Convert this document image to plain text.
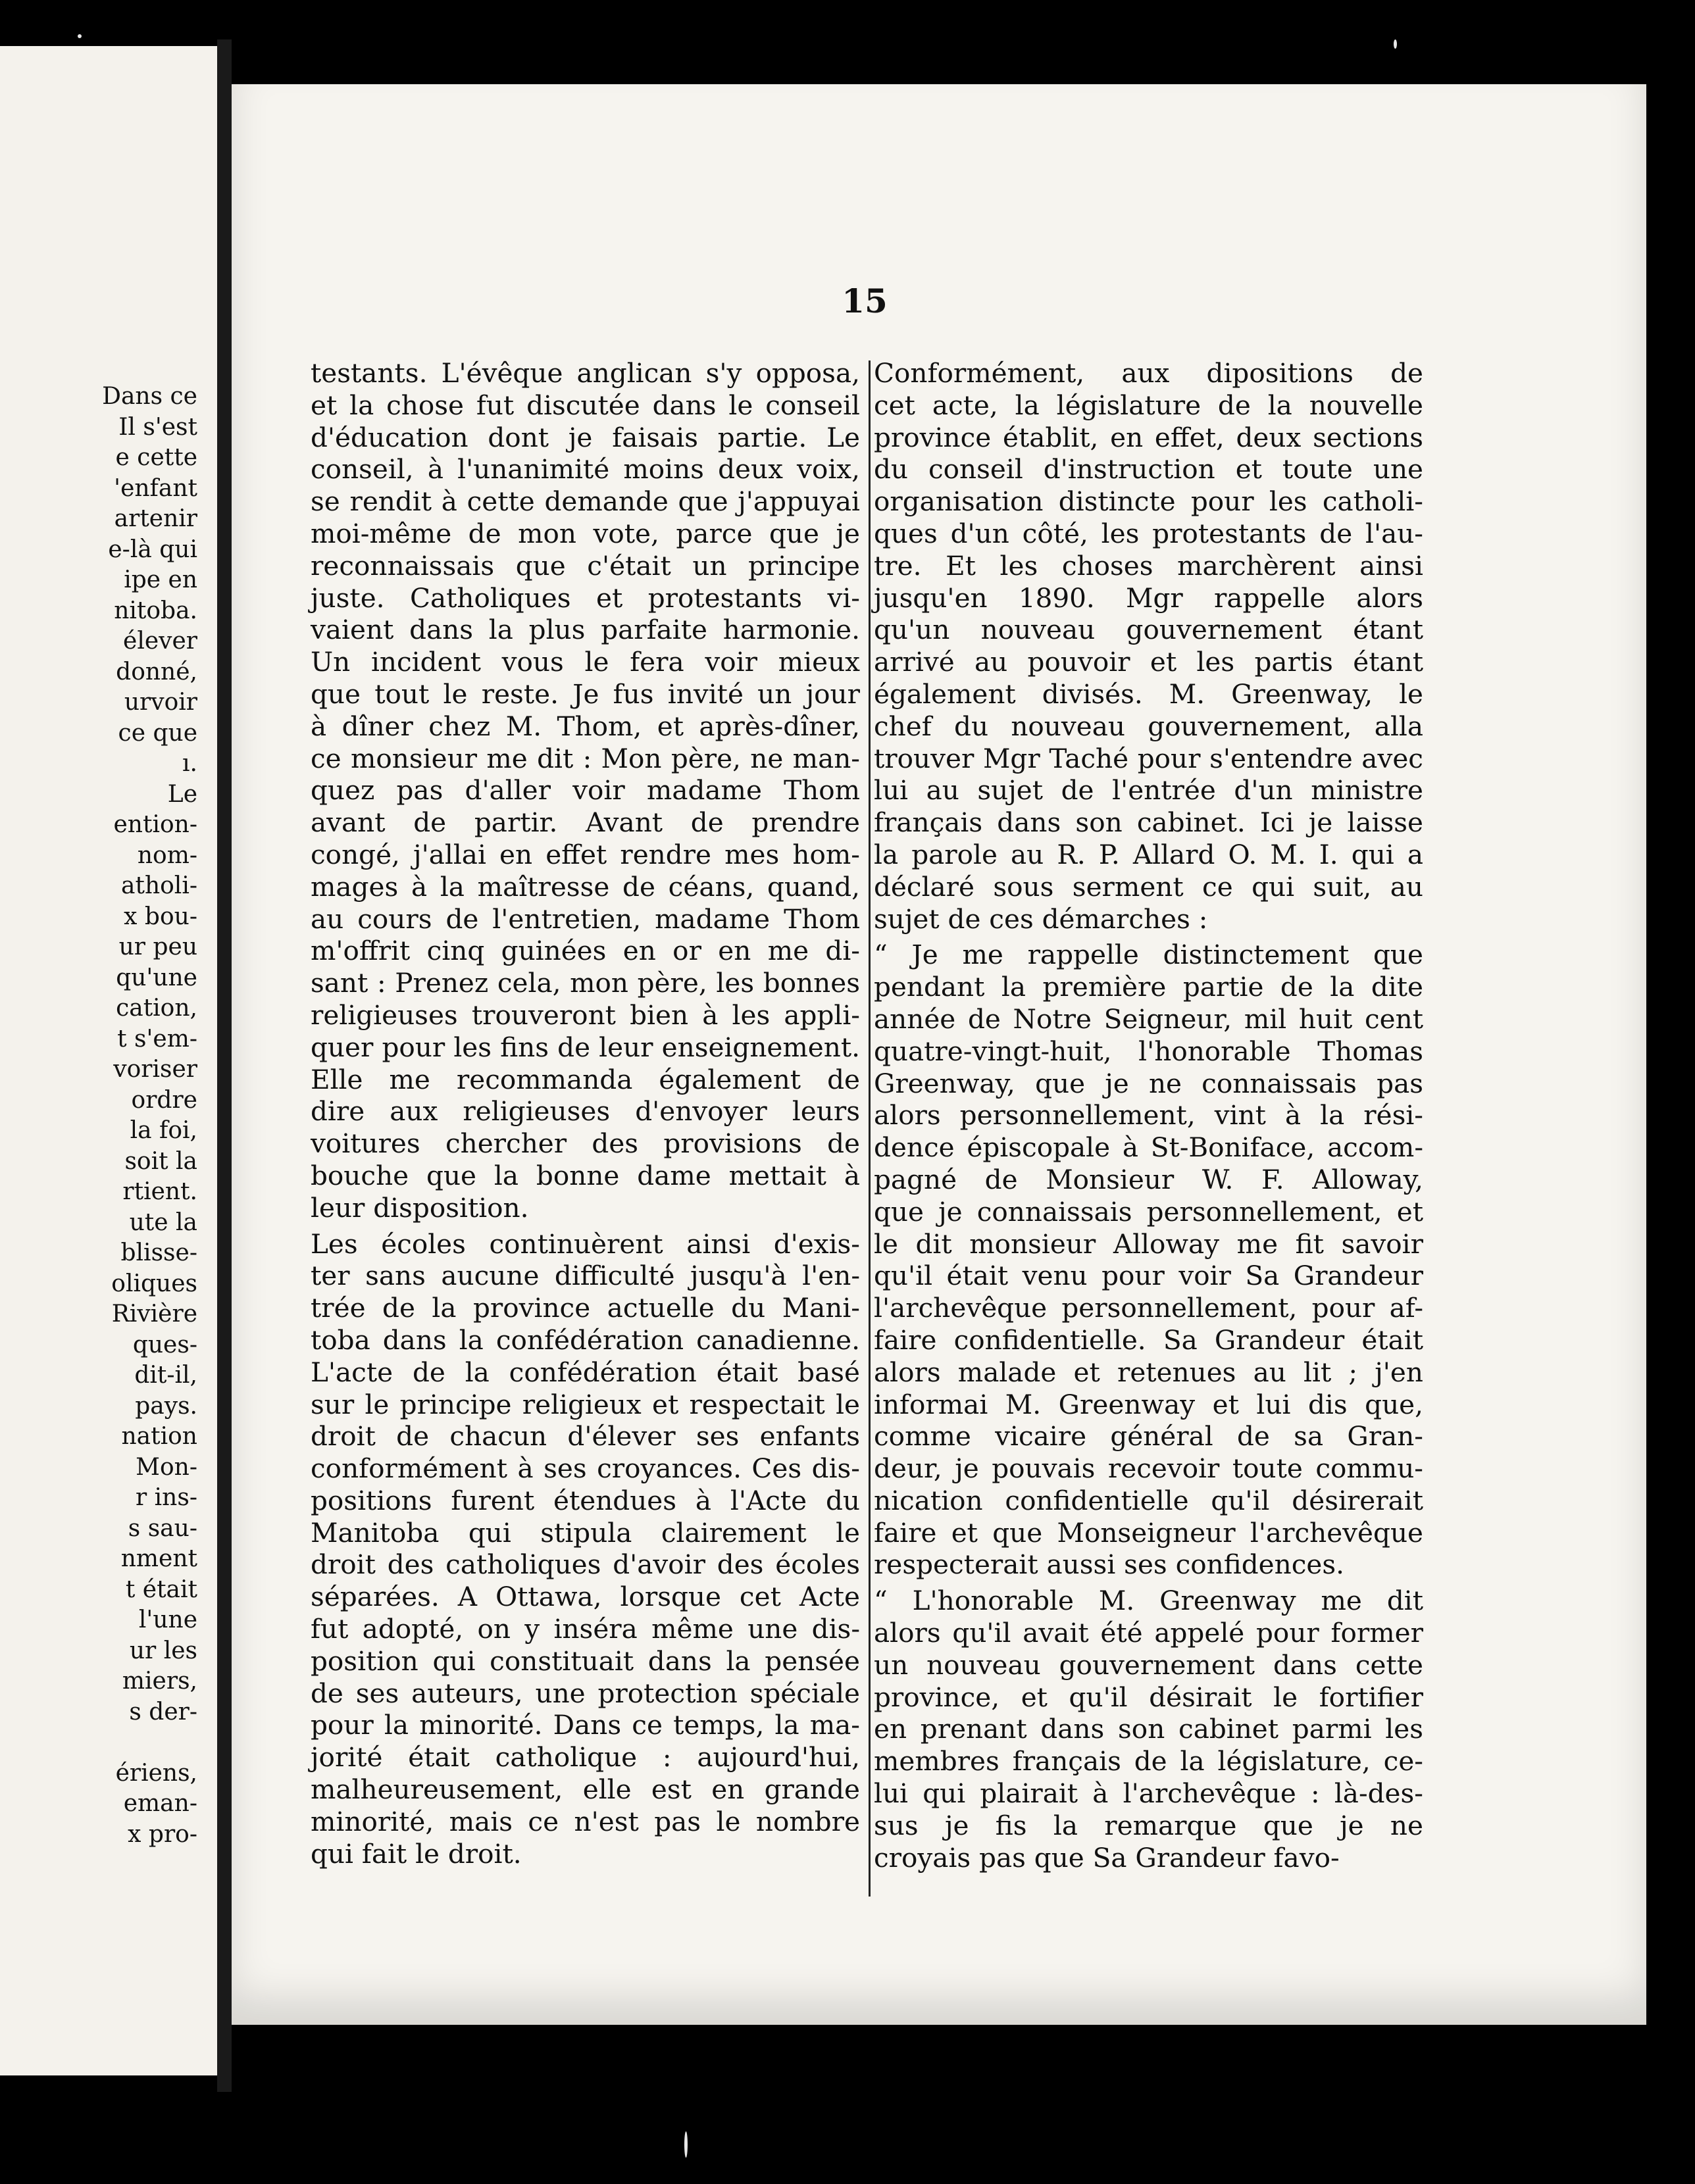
Dans ce
Il s'est
e cette
'enfant
artenir
e-là qui
ipe en
nitoba.
élever
donné,
urvoir
ce que
ı.
Le
ention-
nom-
atholi-
x bou-
ur peu
qu'une
cation,
t s'em-
voriser
ordre
la foi,
soit la
rtient.
ute la
blisse-
oliques
Rivière
ques-
dit-il,
pays.
nation
Mon-
r ins-
s sau-
nment
t était
l'une
ur les
miers,
s der-

ériens,
eman-
x pro-
15
testants. L'évêque anglican s'y opposa,
et la chose fut discutée dans le conseil
d'éducation dont je faisais partie. Le
conseil, à l'unanimité moins deux voix,
se rendit à cette demande que j'appuyai
moi-même de mon vote, parce que je
reconnaissais que c'était un principe
juste. Catholiques et protestants vi-
vaient dans la plus parfaite harmonie.
Un incident vous le fera voir mieux
que tout le reste. Je fus invité un jour
à dîner chez M. Thom, et après-dîner,
ce monsieur me dit : Mon père, ne man-
quez pas d'aller voir madame Thom
avant de partir. Avant de prendre
congé, j'allai en effet rendre mes hom-
mages à la maîtresse de céans, quand,
au cours de l'entretien, madame Thom
m'offrit cinq guinées en or en me di-
sant : Prenez cela, mon père, les bonnes
religieuses trouveront bien à les appli-
quer pour les fins de leur enseignement.
Elle me recommanda également de
dire aux religieuses d'envoyer leurs
voitures chercher des provisions de
bouche que la bonne dame mettait à
leur disposition.
Les écoles continuèrent ainsi d'exis-
ter sans aucune difficulté jusqu'à l'en-
trée de la province actuelle du Mani-
toba dans la confédération canadienne.
L'acte de la confédération était basé
sur le principe religieux et respectait le
droit de chacun d'élever ses enfants
conformément à ses croyances. Ces dis-
positions furent étendues à l'Acte du
Manitoba qui stipula clairement le
droit des catholiques d'avoir des écoles
séparées. A Ottawa, lorsque cet Acte
fut adopté, on y inséra même une dis-
position qui constituait dans la pensée
de ses auteurs, une protection spéciale
pour la minorité. Dans ce temps, la ma-
jorité était catholique : aujourd'hui,
malheureusement, elle est en grande
minorité, mais ce n'est pas le nombre
qui fait le droit.
Conformément, aux dipositions de
cet acte, la législature de la nouvelle
province établit, en effet, deux sections
du conseil d'instruction et toute une
organisation distincte pour les catholi-
ques d'un côté, les protestants de l'au-
tre. Et les choses marchèrent ainsi
jusqu'en 1890. Mgr rappelle alors
qu'un nouveau gouvernement étant
arrivé au pouvoir et les partis étant
également divisés. M. Greenway, le
chef du nouveau gouvernement, alla
trouver Mgr Taché pour s'entendre avec
lui au sujet de l'entrée d'un ministre
français dans son cabinet. Ici je laisse
la parole au R. P. Allard O. M. I. qui a
déclaré sous serment ce qui suit, au
sujet de ces démarches :
“ Je me rappelle distinctement que
pendant la première partie de la dite
année de Notre Seigneur, mil huit cent
quatre-vingt-huit, l'honorable Thomas
Greenway, que je ne connaissais pas
alors personnellement, vint à la rési-
dence épiscopale à St-Boniface, accom-
pagné de Monsieur W. F. Alloway,
que je connaissais personnellement, et
le dit monsieur Alloway me fit savoir
qu'il était venu pour voir Sa Grandeur
l'archevêque personnellement, pour af-
faire confidentielle. Sa Grandeur était
alors malade et retenues au lit ; j'en
informai M. Greenway et lui dis que,
comme vicaire général de sa Gran-
deur, je pouvais recevoir toute commu-
nication confidentielle qu'il désirerait
faire et que Monseigneur l'archevêque
respecterait aussi ses confidences.
“ L'honorable M. Greenway me dit
alors qu'il avait été appelé pour former
un nouveau gouvernement dans cette
province, et qu'il désirait le fortifier
en prenant dans son cabinet parmi les
membres français de la législature, ce-
lui qui plairait à l'archevêque : là-des-
sus je fis la remarque que je ne
croyais pas que Sa Grandeur favo-
